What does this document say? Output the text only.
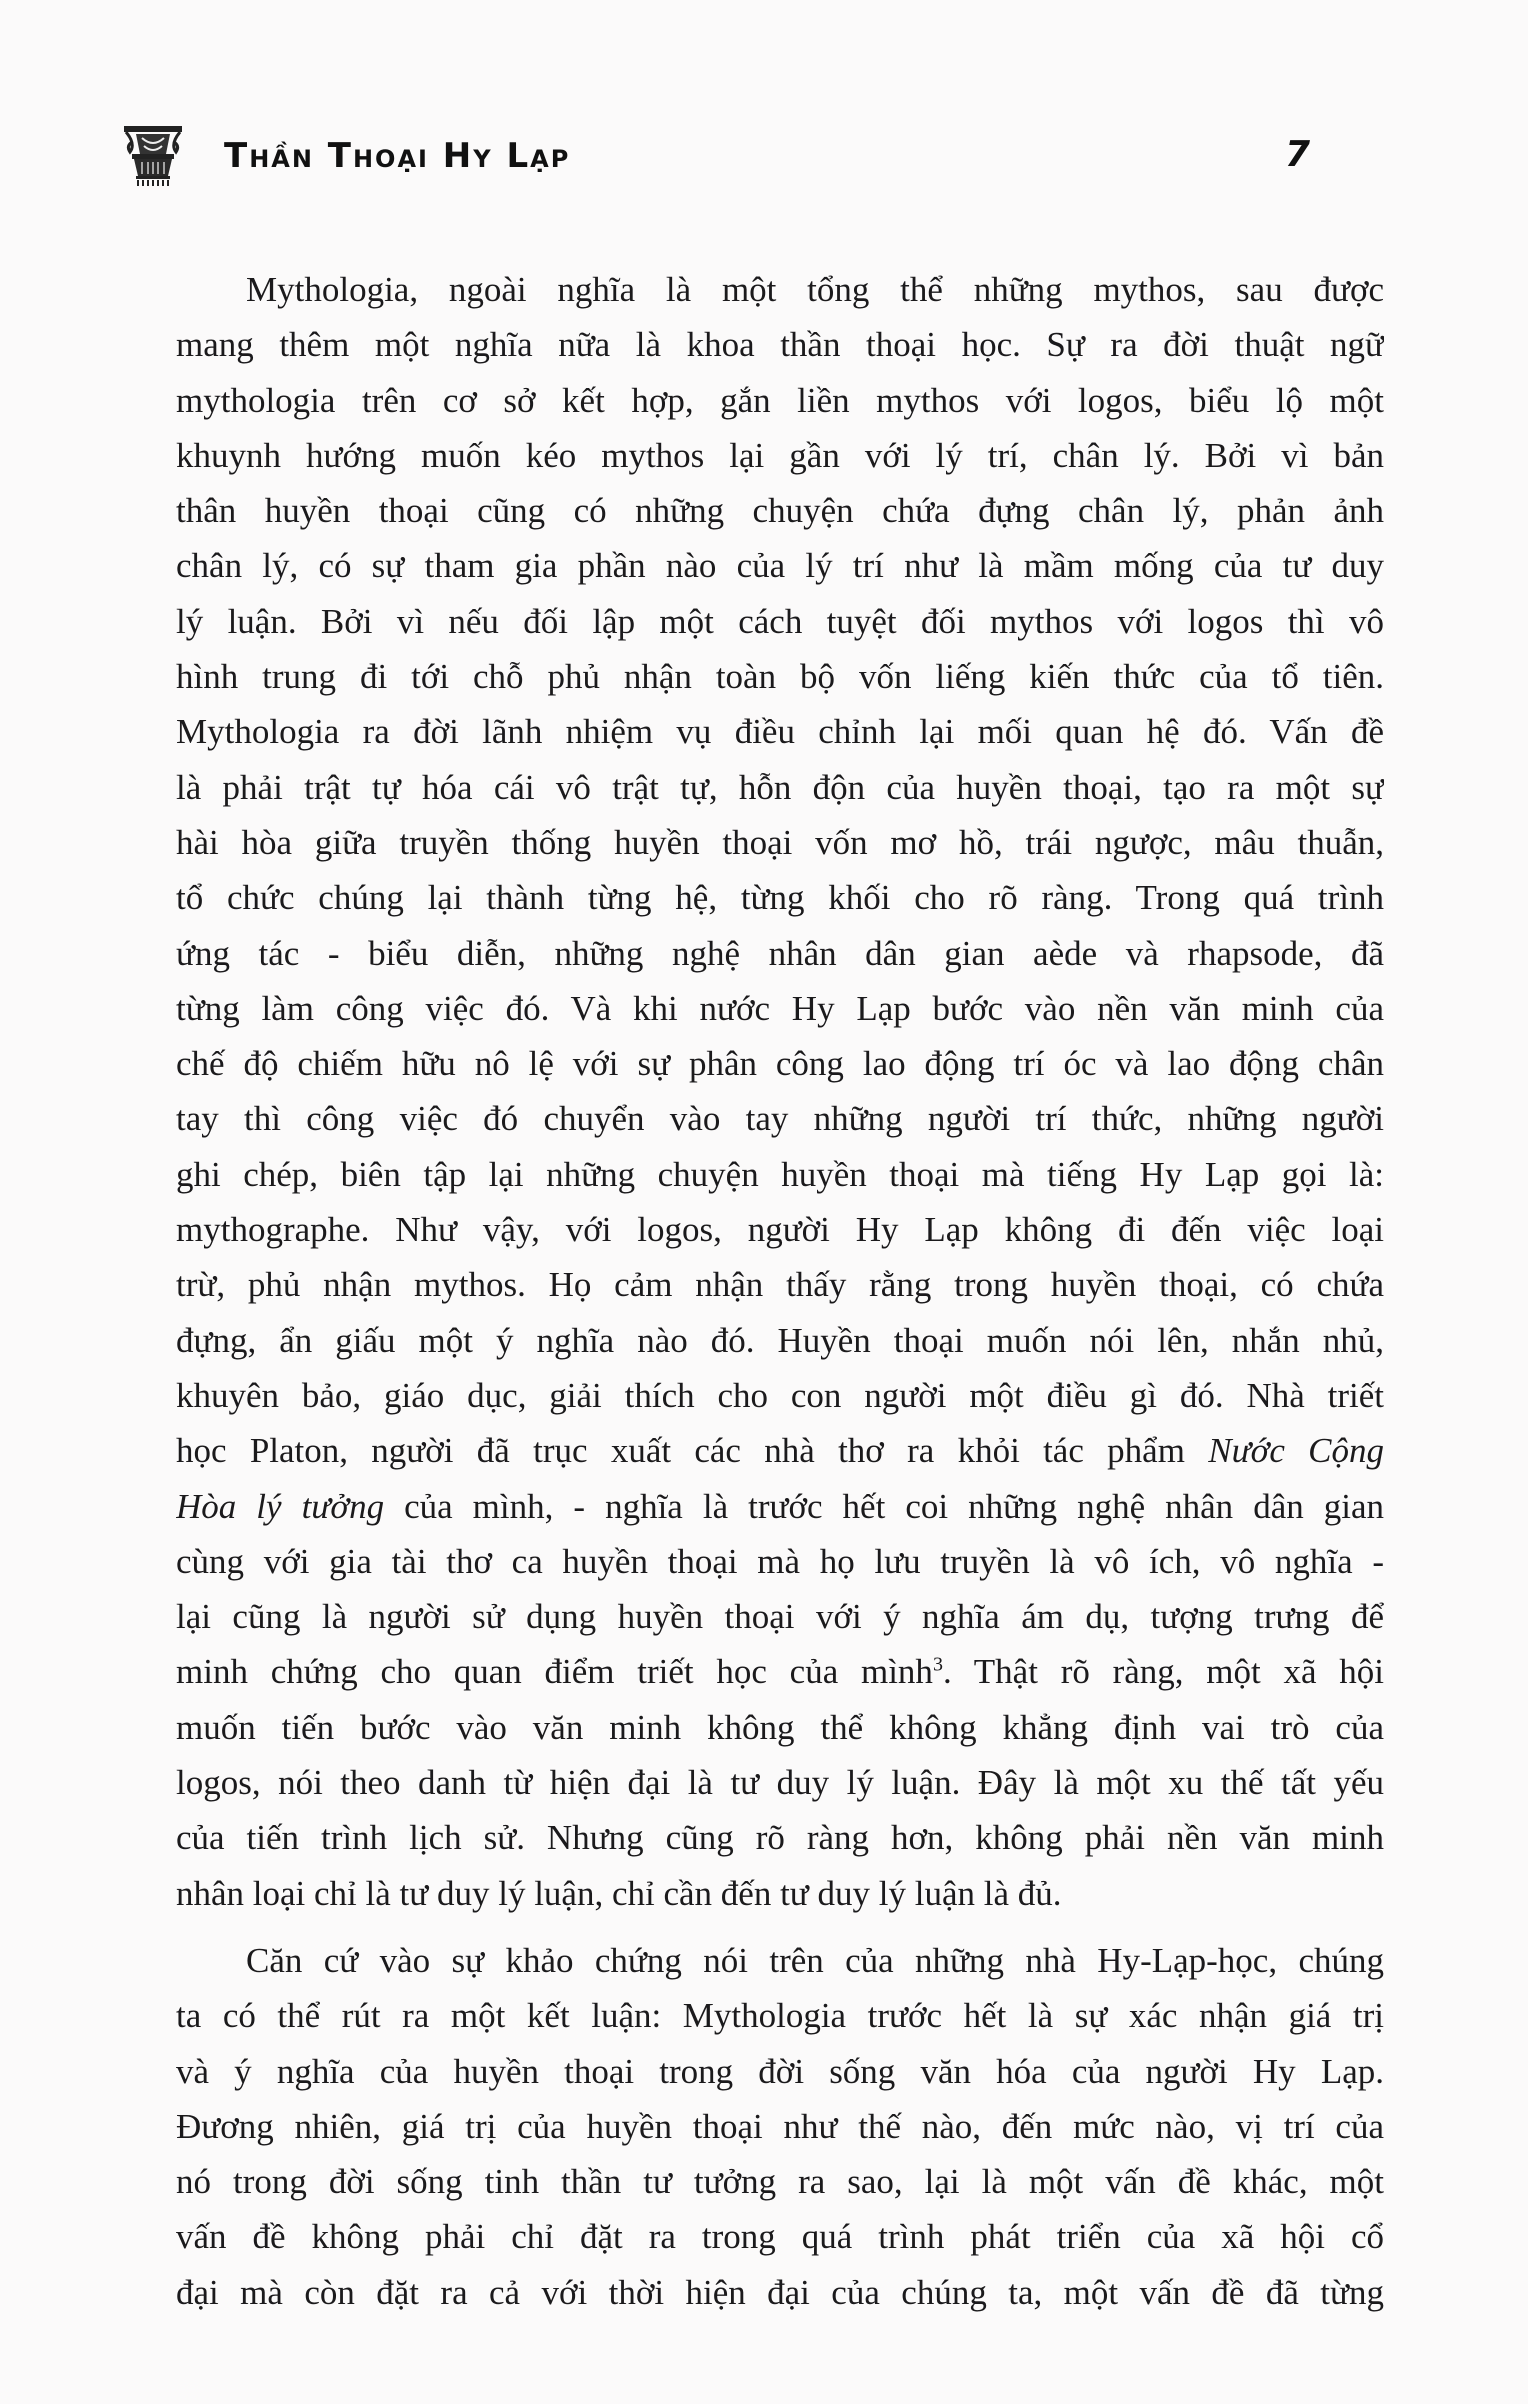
Thần Thoại Hy Lạp	7
Mythologia, ngoài nghĩa là một tổng thể những mythos, sau được
mang thêm một nghĩa nữa là khoa thần thoại học. Sự ra đời thuật ngữ
mythologia trên cơ sở kết hợp, gắn liền mythos với logos, biểu lộ một
khuynh hướng muốn kéo mythos lại gần với lý trí, chân lý. Bởi vì bản
thân huyền thoại cũng có những chuyện chứa đựng chân lý, phản ảnh
chân lý, có sự tham gia phần nào của lý trí như là mầm mống của tư duy
lý luận. Bởi vì nếu đối lập một cách tuyệt đối mythos với logos thì vô
hình trung đi tới chỗ phủ nhận toàn bộ vốn liếng kiến thức của tổ tiên.
Mythologia ra đời lãnh nhiệm vụ điều chỉnh lại mối quan hệ đó. Vấn đề
là phải trật tự hóa cái vô trật tự, hỗn độn của huyền thoại, tạo ra một sự
hài hòa giữa truyền thống huyền thoại vốn mơ hồ, trái ngược, mâu thuẫn,
tổ chức chúng lại thành từng hệ, từng khối cho rõ ràng. Trong quá trình
ứng tác - biểu diễn, những nghệ nhân dân gian aède và rhapsode, đã
từng làm công việc đó. Và khi nước Hy Lạp bước vào nền văn minh của
chế độ chiếm hữu nô lệ với sự phân công lao động trí óc và lao động chân
tay thì công việc đó chuyển vào tay những người trí thức, những người
ghi chép, biên tập lại những chuyện huyền thoại mà tiếng Hy Lạp gọi là:
mythographe. Như vậy, với logos, người Hy Lạp không đi đến việc loại
trừ, phủ nhận mythos. Họ cảm nhận thấy rằng trong huyền thoại, có chứa
đựng, ẩn giấu một ý nghĩa nào đó. Huyền thoại muốn nói lên, nhắn nhủ,
khuyên bảo, giáo dục, giải thích cho con người một điều gì đó. Nhà triết
học Platon, người đã trục xuất các nhà thơ ra khỏi tác phẩm Nước Cộng
Hòa lý tưởng của mình, - nghĩa là trước hết coi những nghệ nhân dân gian
cùng với gia tài thơ ca huyền thoại mà họ lưu truyền là vô ích, vô nghĩa -
lại cũng là người sử dụng huyền thoại với ý nghĩa ám dụ, tượng trưng để
minh chứng cho quan điểm triết học của mình$^3$. Thật rõ ràng, một xã hội
muốn tiến bước vào văn minh không thể không khẳng định vai trò của
logos, nói theo danh từ hiện đại là tư duy lý luận. Đây là một xu thế tất yếu
của tiến trình lịch sử. Nhưng cũng rõ ràng hơn, không phải nền văn minh
nhân loại chỉ là tư duy lý luận, chỉ cần đến tư duy lý luận là đủ.
Căn cứ vào sự khảo chứng nói trên của những nhà Hy-Lạp-học, chúng
ta có thể rút ra một kết luận: Mythologia trước hết là sự xác nhận giá trị
và ý nghĩa của huyền thoại trong đời sống văn hóa của người Hy Lạp.
Đương nhiên, giá trị của huyền thoại như thế nào, đến mức nào, vị trí của
nó trong đời sống tinh thần tư tưởng ra sao, lại là một vấn đề khác, một
vấn đề không phải chỉ đặt ra trong quá trình phát triển của xã hội cổ
đại mà còn đặt ra cả với thời hiện đại của chúng ta, một vấn đề đã từng
